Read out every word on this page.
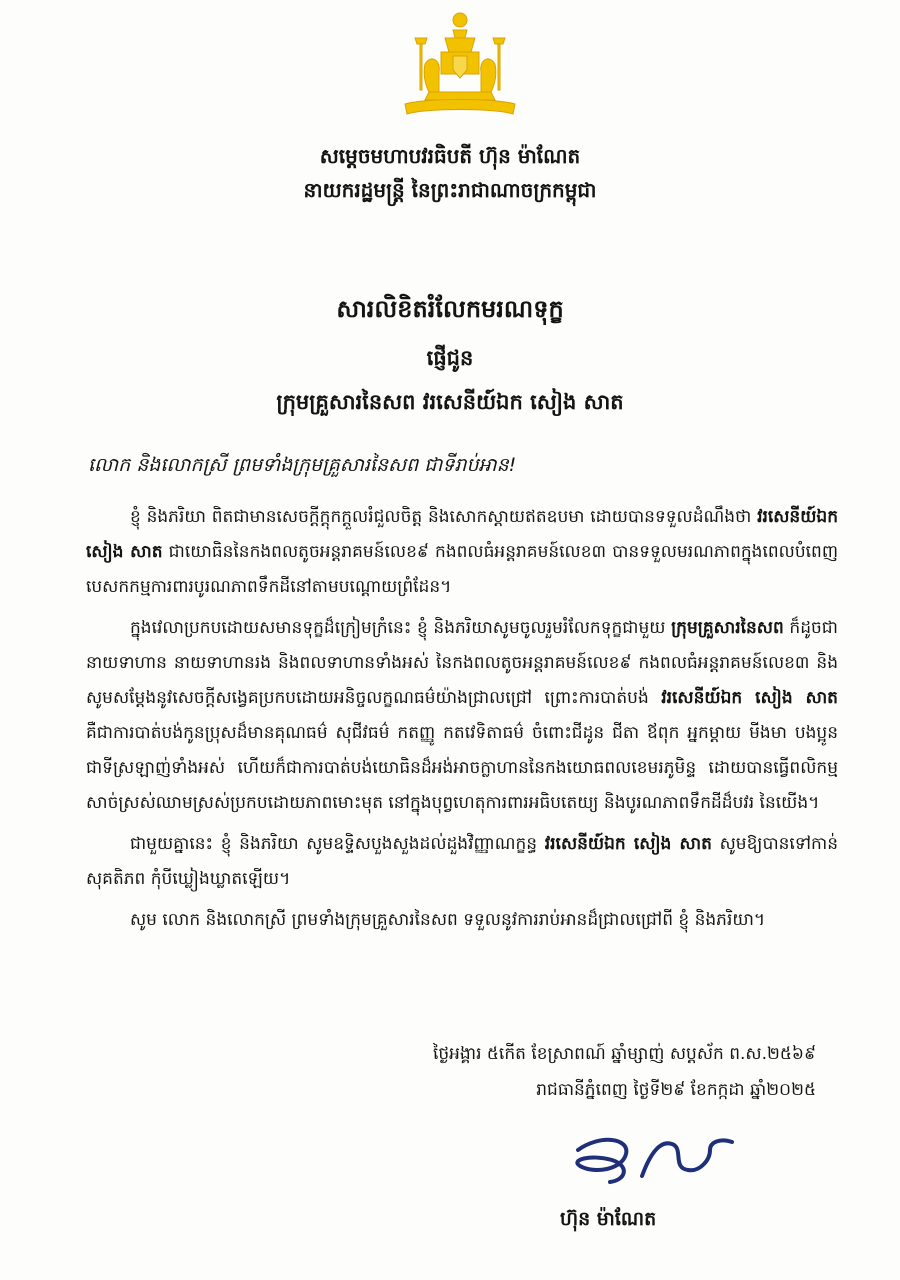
សម្តេចមហាបវរធិបតី ហ៊ុន ម៉ាណែត
នាយករដ្ឋមន្ត្រី នៃព្រះរាជាណាចក្រកម្ពុជា
សារលិខិតរំលែកមរណទុក្ខ
ផ្ញើជូន
ក្រុមគ្រួសារនៃសព វរសេនីយ៍ឯក សៀង សាត
លោក និងលោកស្រី ព្រមទាំងក្រុមគ្រួសារនៃសព ជាទីរាប់អាន!

ខ្ញុំ និងភរិយា ពិតជាមានសេចក្តីក្តុកក្តួលរំជួលចិត្ត និងសោកស្តាយឥតឧបមា ដោយបានទទួលដំណឹងថា វរសេនីយ៍ឯក សៀង សាត ជាយោធិននៃកងពលតូចអន្តរាគមន៍លេខ៩ កងពលធំអន្តរាគមន៍លេខ៣ បានទទួលមរណភាពក្នុងពេលបំពេញបេសកកម្មការពារបូរណភាពទឹកដីនៅតាមបណ្តោយព្រំដែន។

ក្នុងវេលាប្រកបដោយសមានទុក្ខដ៏ក្រៀមក្រំនេះ ខ្ញុំ និងភរិយាសូមចូលរួមរំលែកទុក្ខជាមួយ ក្រុមគ្រួសារនៃសព ក៏ដូចជានាយទាហាន នាយទាហានរង និងពលទាហានទាំងអស់ នៃកងពលតូចអន្តរាគមន៍លេខ៩ កងពលធំអន្តរាគមន៍លេខ៣ និងសូមសម្តែងនូវសេចក្តីសង្វេគប្រកបដោយអនិច្ចលក្ខណធម៌យ៉ាងជ្រាលជ្រៅ ព្រោះការបាត់បង់ វរសេនីយ៍ឯក សៀង សាត គឺជាការបាត់បង់កូនប្រុសដ៏មានគុណធម៌ សុជីវធម៌ កតញ្ញូ កតវេទិតាធម៌ ចំពោះជីដូន ជីតា ឪពុក អ្នកម្តាយ មីងមា បងប្អូនជាទីស្រឡាញ់ទាំងអស់ ហើយក៏ជាការបាត់បង់យោធិនដ៏អង់អាចក្លាហាននៃកងយោធពលខេមរភូមិន្ទ ដោយបានធ្វើពលិកម្មសាច់ស្រស់ឈាមស្រស់ប្រកបដោយភាពមោះមុត នៅក្នុងបុព្វហេតុការពារអធិបតេយ្យ និងបូរណភាពទឹកដីដ៏បវរ នៃយើង។

ជាមួយគ្នានេះ ខ្ញុំ និងភរិយា សូមឧទ្ទិសបួងសួងដល់ដួងវិញ្ញាណក្ខន្ធ វរសេនីយ៍ឯក សៀង សាត សូមឱ្យបានទៅកាន់សុគតិភព កុំបីឃ្លៀងឃ្លាតឡើយ។

សូម លោក និងលោកស្រី ព្រមទាំងក្រុមគ្រួសារនៃសព ទទួលនូវការរាប់អានដ៏ជ្រាលជ្រៅពី ខ្ញុំ និងភរិយា។

ថ្ងៃអង្គារ ៥កើត ខែស្រាពណ៍ ឆ្នាំម្សាញ់ សប្តស័ក ព.ស.២៥៦៩
រាជធានីភ្នំពេញ ថ្ងៃទី២៩ ខែកក្កដា ឆ្នាំ២០២៥
ហ៊ុន ម៉ាណែត
